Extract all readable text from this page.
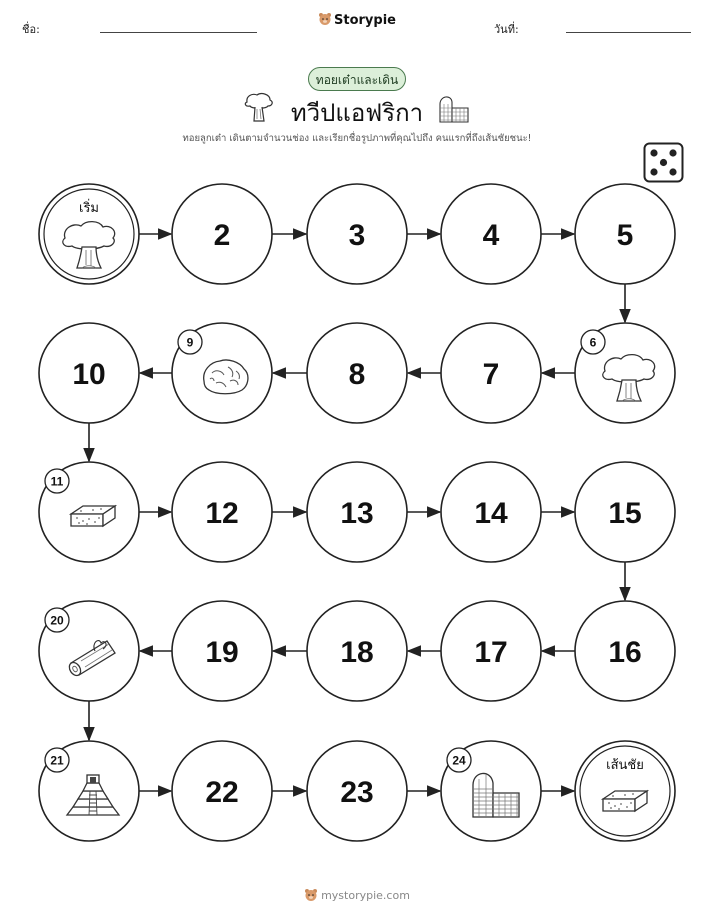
ชื่อ:	วันที่:
Storypie
ทอยเต๋าและเดิน
ทวีปแอฟริกา
ทอยลูกเต๋า เดินตามจำนวนช่อง และเรียกชื่อรูปภาพที่คุณไปถึง คนแรกที่ถึงเส้นชัยชนะ!
เริ่ม
2	3	4	5
6
7
8
9
10
11
12	13	14	15
16
17
18
19
20
21
22	23
24	เส้นชัย
mystorypie.com
